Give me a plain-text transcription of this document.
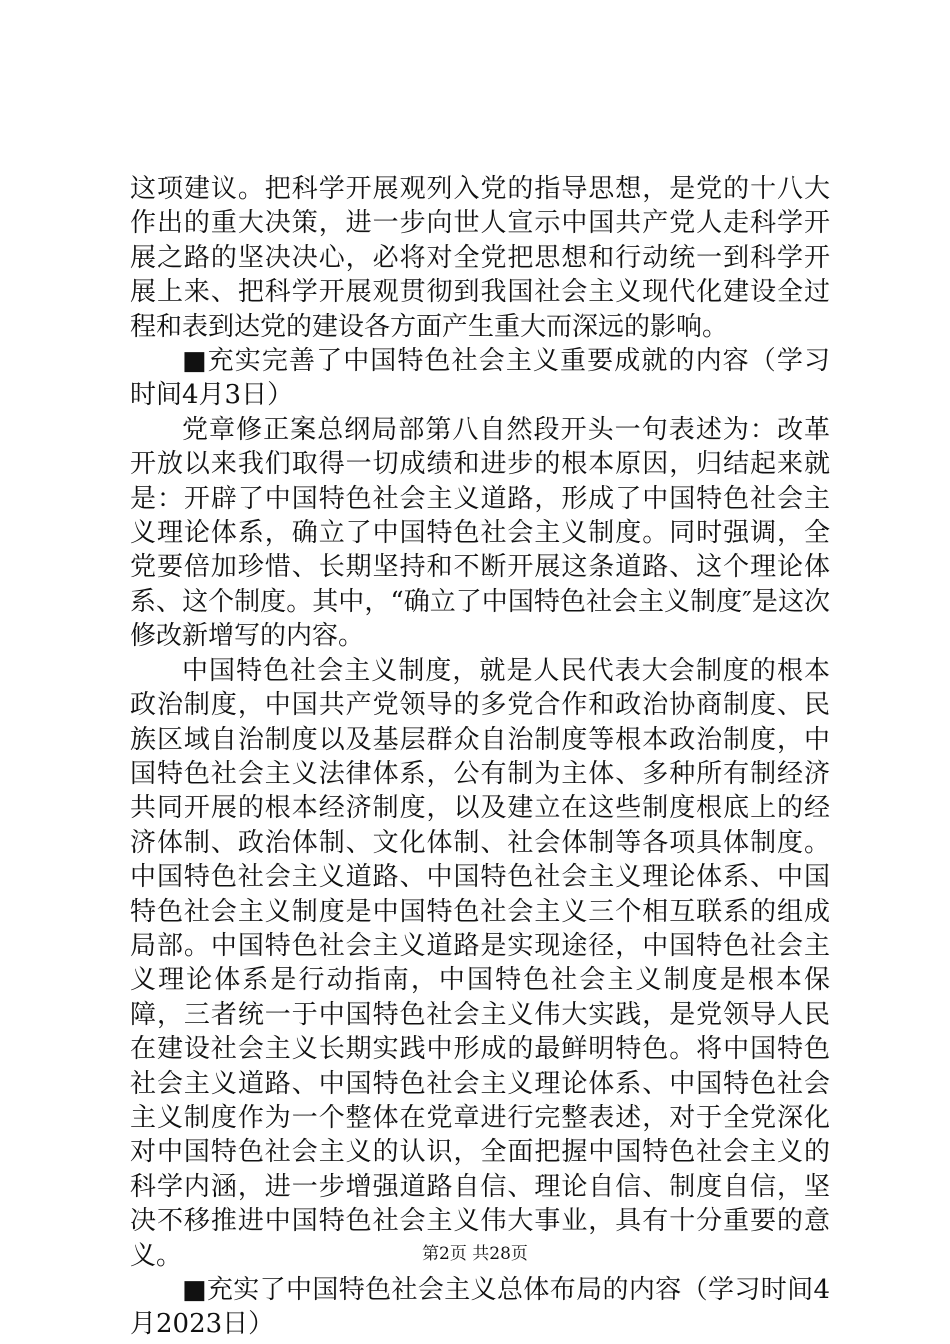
这项建议。把科学开展观列入党的指导思想，是党的十八大作出的重大决策，进一步向世人宣示中国共产党人走科学开展之路的坚决决心，必将对全党把思想和行动统一到科学开展上来、把科学开展观贯彻到我国社会主义现代化建设全过程和表到达党的建设各方面产生重大而深远的影响。

■充实完善了中国特色社会主义重要成就的内容（学习时间4月3日）

党章修正案总纲局部第八自然段开头一句表述为：改革开放以来我们取得一切成绩和进步的根本原因，归结起来就是：开辟了中国特色社会主义道路，形成了中国特色社会主义理论体系，确立了中国特色社会主义制度。同时强调，全党要倍加珍惜、长期坚持和不断开展这条道路、这个理论体系、这个制度。其中，“确立了中国特色社会主义制度″是这次修改新增写的内容。

中国特色社会主义制度，就是人民代表大会制度的根本政治制度，中国共产党领导的多党合作和政治协商制度、民族区域自治制度以及基层群众自治制度等根本政治制度，中国特色社会主义法律体系，公有制为主体、多种所有制经济共同开展的根本经济制度，以及建立在这些制度根底上的经济体制、政治体制、文化体制、社会体制等各项具体制度。中国特色社会主义道路、中国特色社会主义理论体系、中国特色社会主义制度是中国特色社会主义三个相互联系的组成局部。中国特色社会主义道路是实现途径，中国特色社会主义理论体系是行动指南，中国特色社会主义制度是根本保障，三者统一于中国特色社会主义伟大实践，是党领导人民在建设社会主义长期实践中形成的最鲜明特色。将中国特色社会主义道路、中国特色社会主义理论体系、中国特色社会主义制度作为一个整体在党章进行完整表述，对于全党深化对中国特色社会主义的认识，全面把握中国特色社会主义的科学内涵，进一步增强道路自信、理论自信、制度自信，坚决不移推进中国特色社会主义伟大事业，具有十分重要的意义。

■充实了中国特色社会主义总体布局的内容（学习时间4月2023日）

第2页 共28页
